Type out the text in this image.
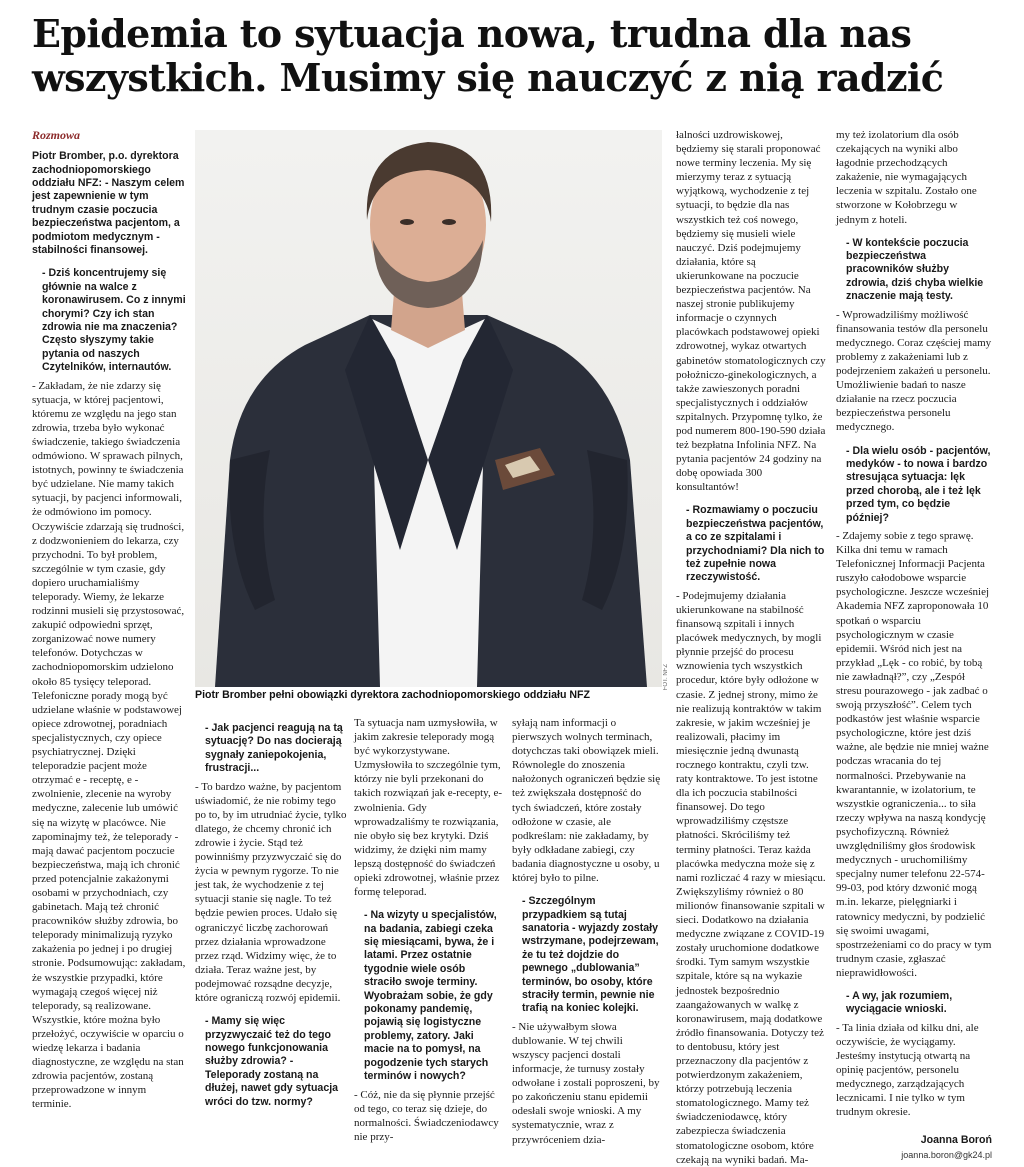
Epidemia to sytuacja nowa, trudna dla nas wszystkich. Musimy się nauczyć z nią radzić

Rozmowa

Piotr Bromber, p.o. dyrektora zachodniopomorskiego oddziału NFZ: - Naszym celem jest zapewnienie w tym trudnym czasie poczucia bezpieczeństwa pacjentom, a podmiotom medycznym - stabilności finansowej.

- Dziś koncentrujemy się głównie na walce z koronawirusem. Co z innymi chorymi? Czy ich stan zdrowia nie ma znaczenia? Często słyszymy takie pytania od naszych Czytelników, internautów.

- Zakładam, że nie zdarzy się sytuacja, w której pacjentowi, któremu ze względu na jego stan zdrowia, trzeba było wykonać świadczenie, takiego świadczenia odmówiono. W sprawach pilnych, istotnych, powinny te świadczenia być udzielane. Nie mamy takich sytuacji, by pacjenci informowali, że odmówiono im pomocy. Oczywiście zdarzają się trudności, z dodzwonieniem do lekarza, czy przychodni. To był problem, szczególnie w tym czasie, gdy dopiero uruchamialiśmy teleporady. Wiemy, że lekarze rodzinni musieli się przystosować, zakupić odpowiedni sprzęt, zorganizować nowe numery telefonów. Dotychczas w zachodniopomorskim udzielono około 85 tysięcy teleporad. Telefoniczne porady mogą być udzielane właśnie w podstawowej opiece zdrowotnej, poradniach specjalistycznych, czy opiece psychiatrycznej. Dzięki teleporadzie pacjent może otrzymać e - receptę, e - zwolnienie, zlecenie na wyroby medyczne, zalecenie lub umówić się na wizytę w placówce. Nie zapominajmy też, że teleporady - mają dawać pacjentom poczucie bezpieczeństwa, mają ich chronić przed potencjalnie zakażonymi osobami w przychodniach, czy gabinetach. Mają też chronić pracowników służby zdrowia, bo teleporady minimalizują ryzyko zakażenia po jednej i po drugiej stronie. Podsumowując: zakładam, że wszystkie przypadki, które wymagają czegoś więcej niż teleporady, są realizowane. Wszystkie, które można było przełożyć, oczywiście w oparciu o wiedzę lekarza i badania diagnostyczne, ze względu na stan zdrowia pacjentów, zostaną przeprowadzone w innym terminie.

FOT. NFZ
Piotr Bromber pełni obowiązki dyrektora zachodniopomorskiego oddziału NFZ

- Jak pacjenci reagują na tą sytuację? Do nas docierają sygnały zaniepokojenia, frustracji...

- To bardzo ważne, by pacjentom uświadomić, że nie robimy tego po to, by im utrudniać życie, tylko dlatego, że chcemy chronić ich zdrowie i życie. Stąd też powinniśmy przyzwyczaić się do życia w pewnym rygorze. To nie jest tak, że wychodzenie z tej sytuacji stanie się nagle. To też będzie pewien proces. Udało się ograniczyć liczbę zachorowań przez działania wprowadzone przez rząd. Widzimy więc, że to działa. Teraz ważne jest, by podejmować rozsądne decyzje, które ograniczą rozwój epidemii.

- Mamy się więc przyzwyczaić też do tego nowego funkcjonowania służby zdrowia? - Teleporady zostaną na dłużej, nawet gdy sytuacja wróci do tzw. normy?

Ta sytuacja nam uzmysłowiła, w jakim zakresie teleporady mogą być wykorzystywane. Uzmysłowiła to szczególnie tym, którzy nie byli przekonani do takich rozwiązań jak e-recepty, e-zwolnienia. Gdy wprowadzaliśmy te rozwiązania, nie obyło się bez krytyki. Dziś widzimy, że dzięki nim mamy lepszą dostępność do świadczeń opieki zdrowotnej, właśnie przez formę teleporad.

- Na wizyty u specjalistów, na badania, zabiegi czeka się miesiącami, bywa, że i latami. Przez ostatnie tygodnie wiele osób straciło swoje terminy. Wyobrażam sobie, że gdy pokonamy pandemię, pojawią się logistyczne problemy, zatory. Jaki macie na to pomysł, na pogodzenie tych starych terminów i nowych?

- Cóż, nie da się płynnie przejść od tego, co teraz się dzieje, do normalności. Świadczeniodawcy nie przy-

syłają nam informacji o pierwszych wolnych terminach, dotychczas taki obowiązek mieli. Równolegle do znoszenia nałożonych ograniczeń będzie się też zwiększała dostępność do tych świadczeń, które zostały odłożone w czasie, ale podkreślam: nie zakładamy, by były odkładane zabiegi, czy badania diagnostyczne u osoby, u której było to pilne.

- Szczególnym przypadkiem są tutaj sanatoria - wyjazdy zostały wstrzymane, podejrzewam, że tu też dojdzie do pewnego „dublowania” terminów, bo osoby, które straciły termin, pewnie nie trafią na koniec kolejki.

- Nie używałbym słowa dublowanie. W tej chwili wszyscy pacjenci dostali informacje, że turnusy zostały odwołane i zostali poproszeni, by po zakończeniu stanu epidemii odesłali swoje wnioski. A my systematycznie, wraz z przywróceniem dzia-

łalności uzdrowiskowej, będziemy się starali proponować nowe terminy leczenia. My się mierzymy teraz z sytuacją wyjątkową, wychodzenie z tej sytuacji, to będzie dla nas wszystkich też coś nowego, będziemy się musieli wiele nauczyć. Dziś podejmujemy działania, które są ukierunkowane na poczucie bezpieczeństwa pacjentów. Na naszej stronie publikujemy informacje o czynnych placówkach podstawowej opieki zdrowotnej, wykaz otwartych gabinetów stomatologicznych czy położniczo-ginekologicznych, a także zawieszonych poradni specjalistycznych i oddziałów szpitalnych. Przypomnę tylko, że pod numerem 800-190-590 działa też bezpłatna Infolinia NFZ. Na pytania pacjentów 24 godziny na dobę opowiada 300 konsultantów!

- Rozmawiamy o poczuciu bezpieczeństwa pacjentów, a co ze szpitalami i przychodniami? Dla nich to też zupełnie nowa rzeczywistość.

- Podejmujemy działania ukierunkowane na stabilność finansową szpitali i innych placówek medycznych, by mogli płynnie przejść do procesu wznowienia tych wszystkich procedur, które były odłożone w czasie. Z jednej strony, mimo że nie realizują kontraktów w takim zakresie, w jakim wcześniej je realizowali, płacimy im miesięcznie jedną dwunastą rocznego kontraktu, czyli tzw. raty kontraktowe. To jest istotne dla ich poczucia stabilności finansowej. Do tego wprowadziliśmy częstsze płatności. Skróciliśmy też terminy płatności. Teraz każda placówka medyczna może się z nami rozliczać 4 razy w miesiącu. Zwiększyliśmy również o 80 milionów finansowanie szpitali w sieci. Dodatkowo na działania medyczne związane z COVID-19 zostały uruchomione dodatkowe środki. Tym samym wszystkie szpitale, które są na wykazie jednostek bezpośrednio zaangażowanych w walkę z koronawirusem, mają dodatkowe źródło finansowania. Dotyczy też to dentobusu, który jest przeznaczony dla pacjentów z potwierdzonym zakażeniem, którzy potrzebują leczenia stomatologicznego. Mamy też świadczeniodawcę, który zabezpiecza świadczenia stomatologiczne osobom, które czekają na wyniki badań. Ma-

my też izolatorium dla osób czekających na wyniki albo łagodnie przechodzących zakażenie, nie wymagających leczenia w szpitalu. Zostało one stworzone w Kołobrzegu w jednym z hoteli.

- W kontekście poczucia bezpieczeństwa pracowników służby zdrowia, dziś chyba wielkie znaczenie mają testy.

- Wprowadziliśmy możliwość finansowania testów dla personelu medycznego. Coraz częściej mamy problemy z zakażeniami lub z podejrzeniem zakażeń u personelu. Umożliwienie badań to nasze działanie na rzecz poczucia bezpieczeństwa personelu medycznego.

- Dla wielu osób - pacjentów, medyków - to nowa i bardzo stresująca sytuacja: lęk przed chorobą, ale i też lęk przed tym, co będzie później?

- Zdajemy sobie z tego sprawę. Kilka dni temu w ramach Telefonicznej Informacji Pacjenta ruszyło całodobowe wsparcie psychologiczne. Jeszcze wcześniej Akademia NFZ zaproponowała 10 spotkań o wsparciu psychologicznym w czasie epidemii. Wśród nich jest na przykład „Lęk - co robić, by tobą nie zawładnął?”, czy „Zespół stresu pourazowego - jak zadbać o swoją przyszłość”. Celem tych podkastów jest właśnie wsparcie psychologiczne, które jest dziś ważne, ale będzie nie mniej ważne podczas wracania do tej normalności. Przebywanie na kwarantannie, w izolatorium, te wszystkie ograniczenia... to siła rzeczy wpływa na naszą kondycję psychofizyczną. Również uwzględniliśmy głos środowisk medycznych - uruchomiliśmy specjalny numer telefonu 22-574-99-03, pod który dzwonić mogą m.in. lekarze, pielęgniarki i ratownicy medyczni, by podzielić się swoimi uwagami, spostrzeżeniami co do pracy w tym trudnym czasie, zgłaszać nieprawidłowości.

- A wy, jak rozumiem, wyciągacie wnioski.

- Ta linia działa od kilku dni, ale oczywiście, że wyciągamy. Jesteśmy instytucją otwartą na opinię pacjentów, personelu medycznego, zarządzających lecznicami. I nie tylko w tym trudnym okresie.

Joanna Boroń

joanna.boron@gk24.pl
